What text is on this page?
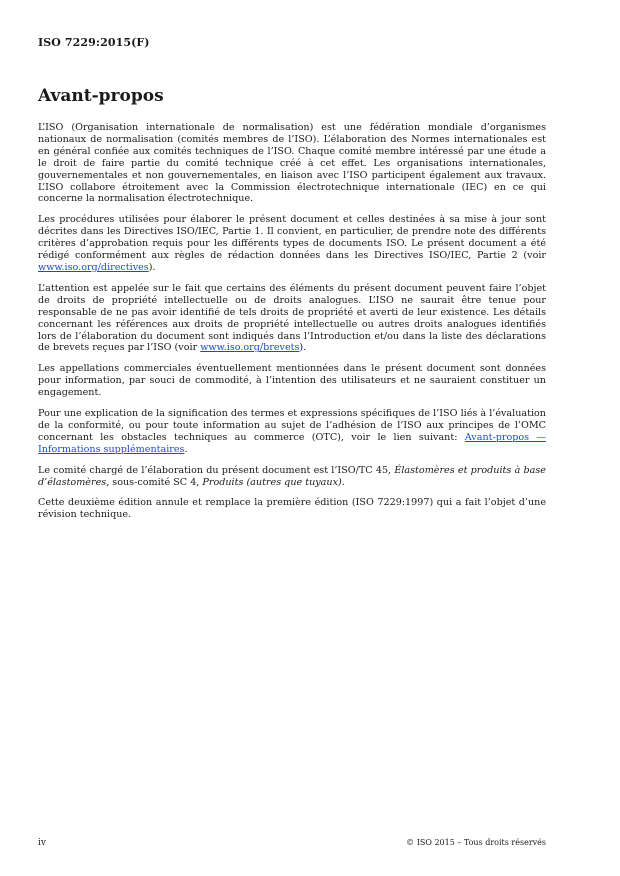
ISO 7229:2015(F)
Avant-propos

L’ISO (Organisation internationale de normalisation) est une fédération mondiale d’organismes nationaux de normalisation (comités membres de l’ISO). L’élaboration des Normes internationales est en général confiée aux comités techniques de l’ISO. Chaque comité membre intéressé par une étude a le droit de faire partie du comité technique créé à cet effet. Les organisations internationales, gouvernementales et non gouvernementales, en liaison avec l’ISO participent également aux travaux. L’ISO collabore étroitement avec la Commission électrotechnique internationale (IEC) en ce qui concerne la normalisation électrotechnique.

Les procédures utilisées pour élaborer le présent document et celles destinées à sa mise à jour sont décrites dans les Directives ISO/IEC, Partie 1. Il convient, en particulier, de prendre note des différents critères d’approbation requis pour les différents types de documents ISO. Le présent document a été rédigé conformément aux règles de rédaction données dans les Directives ISO/IEC, Partie 2 (voir www.iso.org/directives).

L’attention est appelée sur le fait que certains des éléments du présent document peuvent faire l’objet de droits de propriété intellectuelle ou de droits analogues. L’ISO ne saurait être tenue pour responsable de ne pas avoir identifié de tels droits de propriété et averti de leur existence. Les détails concernant les références aux droits de propriété intellectuelle ou autres droits analogues identifiés lors de l’élaboration du document sont indiqués dans l’Introduction et/ou dans la liste des déclarations de brevets reçues par l’ISO (voir www.iso.org/brevets).

Les appellations commerciales éventuellement mentionnées dans le présent document sont données pour information, par souci de commodité, à l’intention des utilisateurs et ne sauraient constituer un engagement.

Pour une explication de la signification des termes et expressions spécifiques de l’ISO liés à l’évaluation de la conformité, ou pour toute information au sujet de l’adhésion de l’ISO aux principes de l’OMC concernant les obstacles techniques au commerce (OTC), voir le lien suivant: Avant-propos — Informations supplémentaires.

Le comité chargé de l’élaboration du présent document est l’ISO/TC 45, Élastomères et produits à base d’élastomères, sous-comité SC 4, Produits (autres que tuyaux).

Cette deuxième édition annule et remplace la première édition (ISO 7229:1997) qui a fait l’objet d’une révision technique.

iv	© ISO 2015 – Tous droits réservés
